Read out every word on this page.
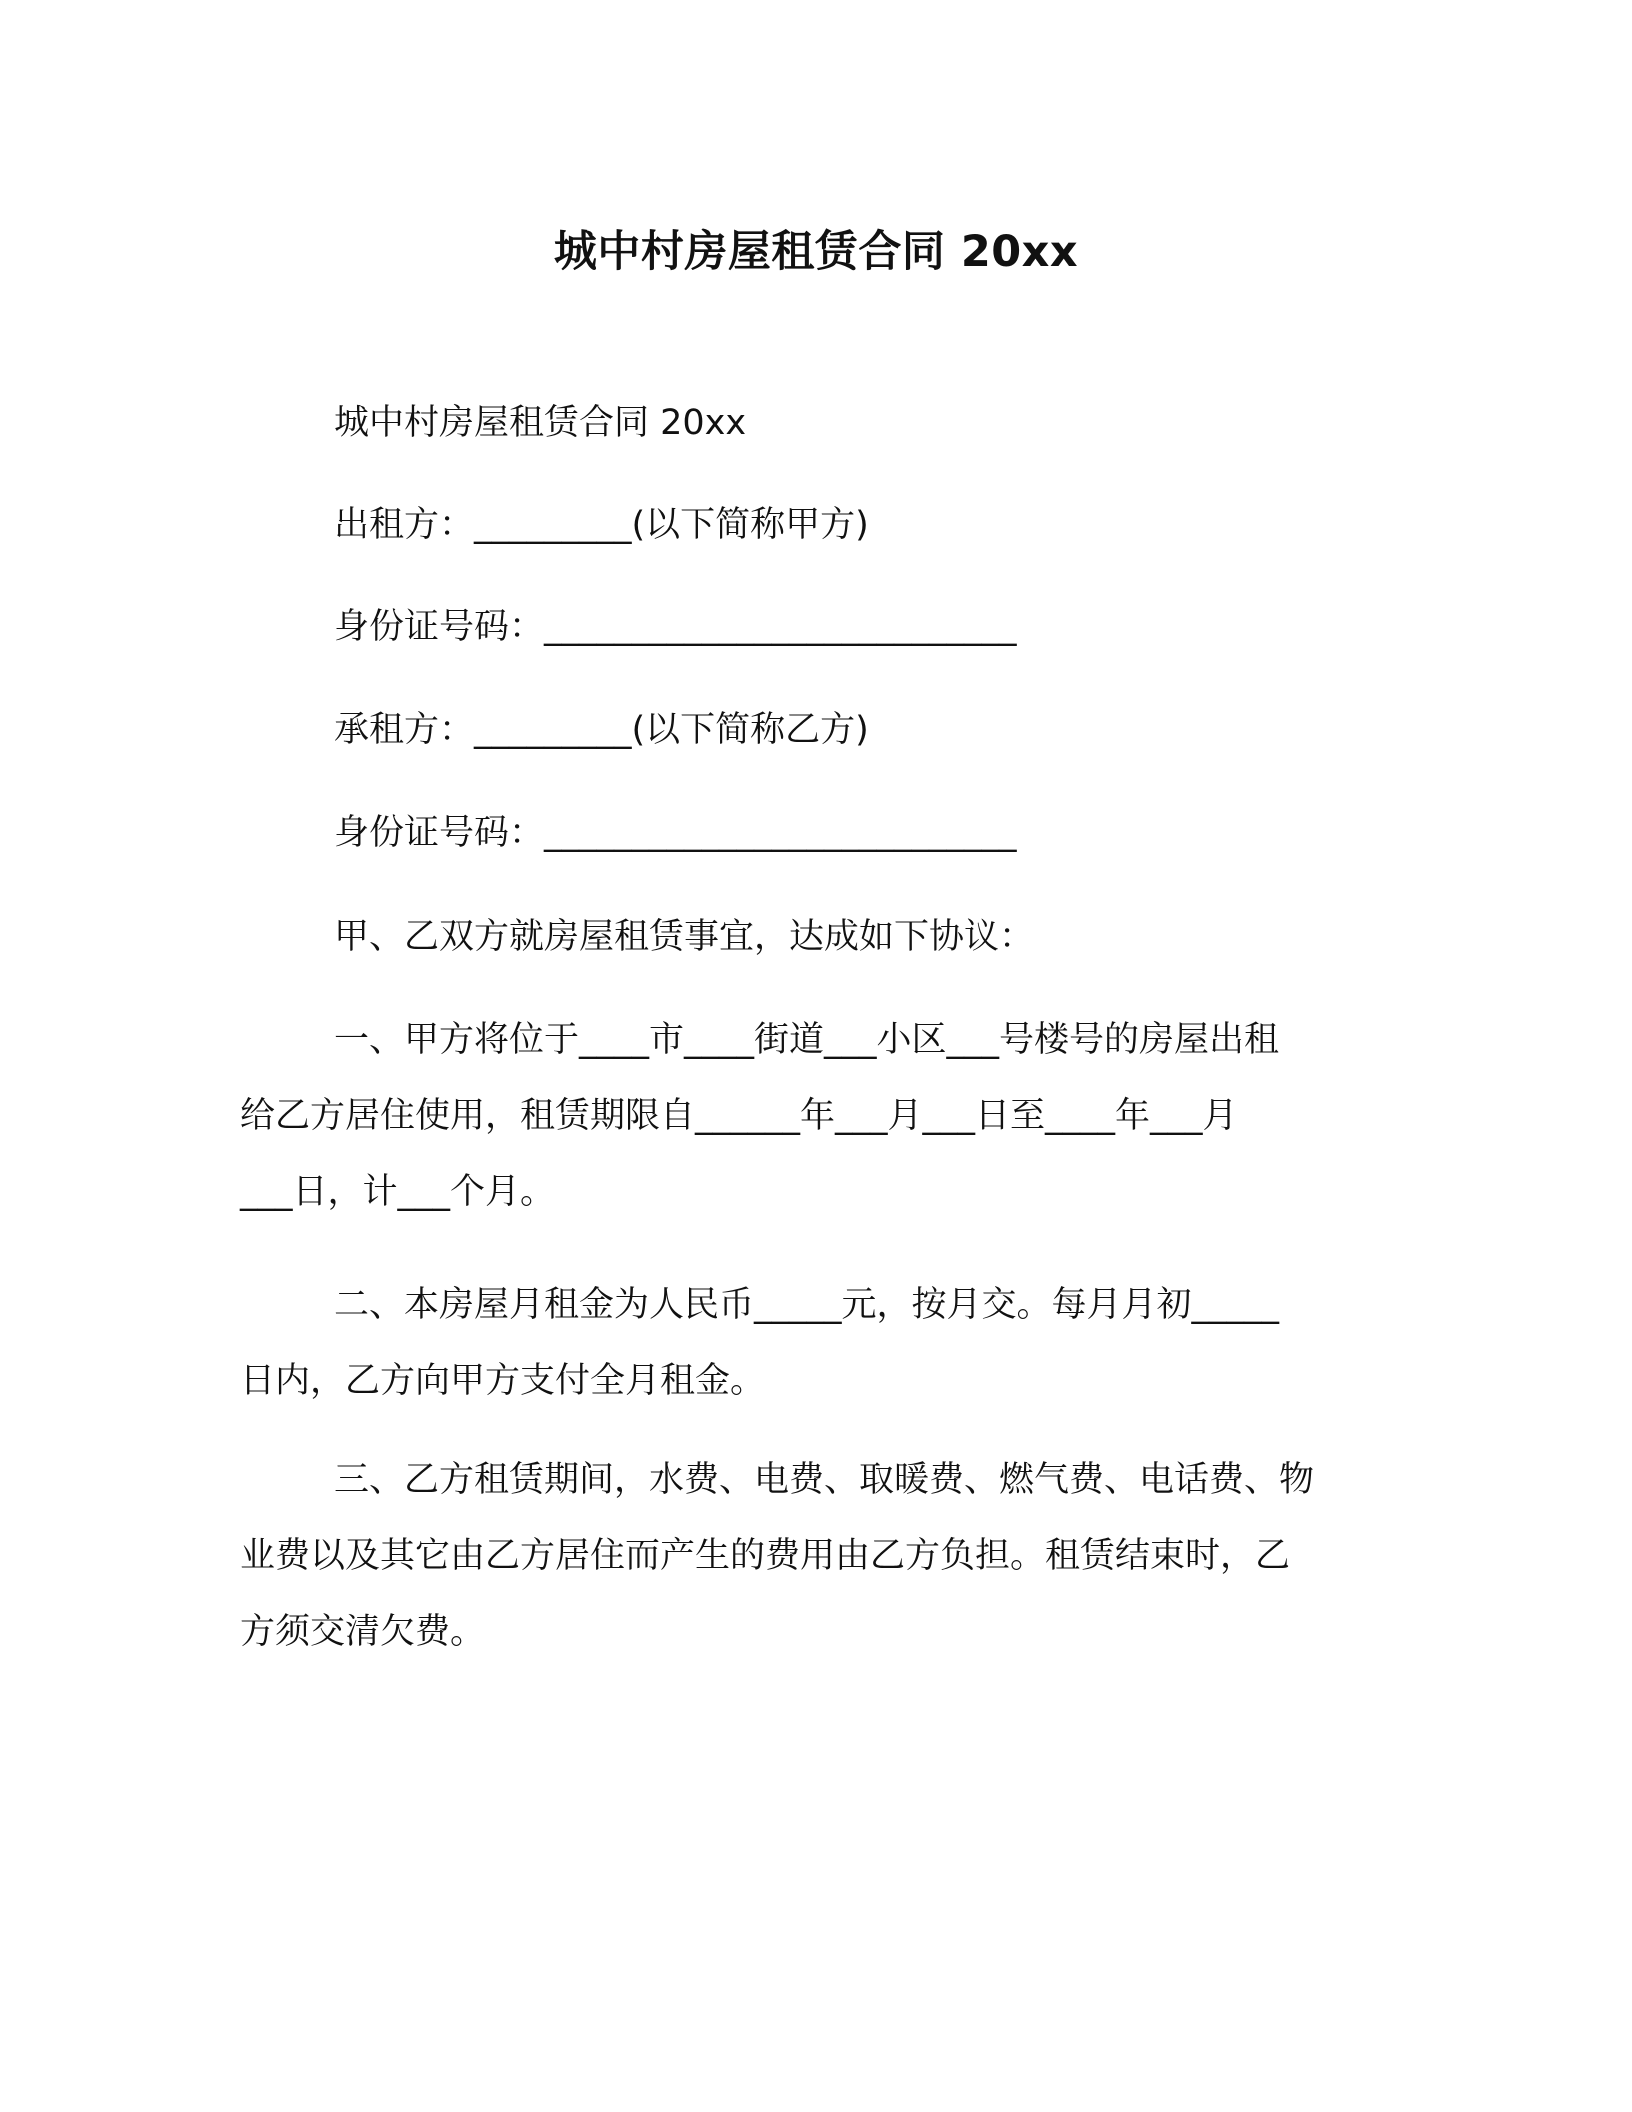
城中村房屋租赁合同 20xx
城中村房屋租赁合同 20xx
出租方：_________(以下简称甲方)
身份证号码：___________________________
承租方：_________(以下简称乙方)
身份证号码：___________________________
甲、乙双方就房屋租赁事宜，达成如下协议：
一、甲方将位于____市____街道___小区___号楼号的房屋出租
给乙方居住使用，租赁期限自______年___月___日至____年___月
___日，计___个月。
二、本房屋月租金为人民币_____元，按月交。每月月初_____
日内，乙方向甲方支付全月租金。
三、乙方租赁期间，水费、电费、取暖费、燃气费、电话费、物
业费以及其它由乙方居住而产生的费用由乙方负担。租赁结束时，乙
方须交清欠费。
